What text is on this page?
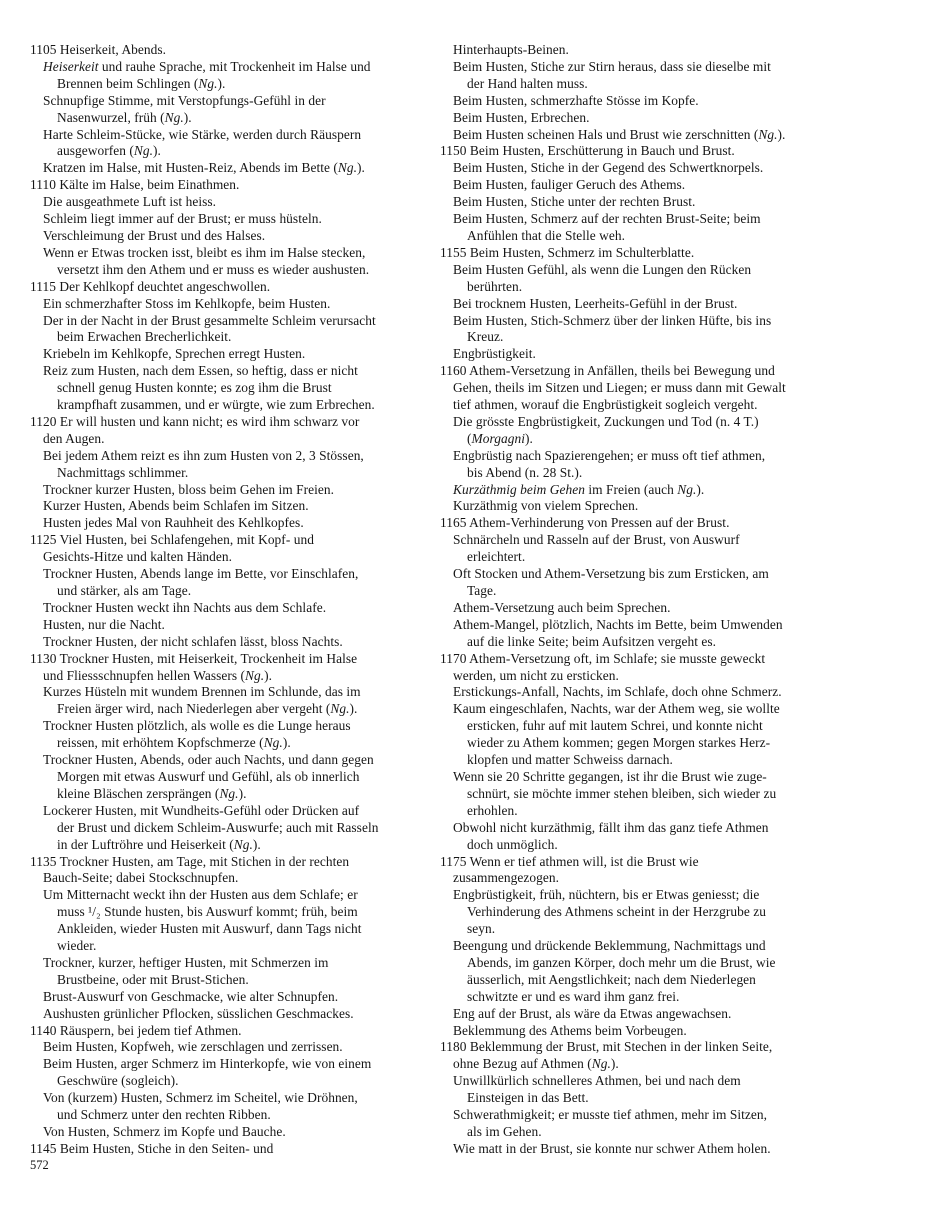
1105 Heiserkeit, Abends.

Heiserkeit und rauhe Sprache, mit Trockenheit im Halse und

Brennen beim Schlingen (Ng.).

Schnupfige Stimme, mit Verstopfungs-Gefühl in der

Nasenwurzel, früh (Ng.).

Harte Schleim-Stücke, wie Stärke, werden durch Räuspern

ausgeworfen (Ng.).

Kratzen im Halse, mit Husten-Reiz, Abends im Bette (Ng.).

1110 Kälte im Halse, beim Einathmen.

Die ausgeathmete Luft ist heiss.

Schleim liegt immer auf der Brust; er muss hüsteln.

Verschleimung der Brust und des Halses.

Wenn er Etwas trocken isst, bleibt es ihm im Halse stecken,

versetzt ihm den Athem und er muss es wieder aushusten.

1115 Der Kehlkopf deuchtet angeschwollen.

Ein schmerzhafter Stoss im Kehlkopfe, beim Husten.

Der in der Nacht in der Brust gesammelte Schleim verursacht

beim Erwachen Brecherlichkeit.

Kriebeln im Kehlkopfe, Sprechen erregt Husten.

Reiz zum Husten, nach dem Essen, so heftig, dass er nicht

schnell genug Husten konnte; es zog ihm die Brust

krampfhaft zusammen, und er würgte, wie zum Erbrechen.

1120 Er will husten und kann nicht; es wird ihm schwarz vor

den Augen.

Bei jedem Athem reizt es ihn zum Husten von 2, 3 Stössen,

Nachmittags schlimmer.

Trockner kurzer Husten, bloss beim Gehen im Freien.

Kurzer Husten, Abends beim Schlafen im Sitzen.

Husten jedes Mal von Rauhheit des Kehlkopfes.

1125 Viel Husten, bei Schlafengehen, mit Kopf- und

Gesichts-Hitze und kalten Händen.

Trockner Husten, Abends lange im Bette, vor Einschlafen,

und stärker, als am Tage.

Trockner Husten weckt ihn Nachts aus dem Schlafe.

Husten, nur die Nacht.

Trockner Husten, der nicht schlafen lässt, bloss Nachts.

1130 Trockner Husten, mit Heiserkeit, Trockenheit im Halse

und Fliessschnupfen hellen Wassers (Ng.).

Kurzes Hüsteln mit wundem Brennen im Schlunde, das im

Freien ärger wird, nach Niederlegen aber vergeht (Ng.).

Trockner Husten plötzlich, als wolle es die Lunge heraus

reissen, mit erhöhtem Kopfschmerze (Ng.).

Trockner Husten, Abends, oder auch Nachts, und dann gegen

Morgen mit etwas Auswurf und Gefühl, als ob innerlich

kleine Bläschen zersprängen (Ng.).

Lockerer Husten, mit Wundheits-Gefühl oder Drücken auf

der Brust und dickem Schleim-Auswurfe; auch mit Rasseln

in der Luftröhre und Heiserkeit (Ng.).

1135 Trockner Husten, am Tage, mit Stichen in der rechten

Bauch-Seite; dabei Stockschnupfen.

Um Mitternacht weckt ihn der Husten aus dem Schlafe; er

muss ¹/₂ Stunde husten, bis Auswurf kommt; früh, beim

Ankleiden, wieder Husten mit Auswurf, dann Tags nicht

wieder.

Trockner, kurzer, heftiger Husten, mit Schmerzen im

Brustbeine, oder mit Brust-Stichen.

Brust-Auswurf von Geschmacke, wie alter Schnupfen.

Aushusten grünlicher Pflocken, süsslichen Geschmackes.

1140 Räuspern, bei jedem tief Athmen.

Beim Husten, Kopfweh, wie zerschlagen und zerrissen.

Beim Husten, arger Schmerz im Hinterkopfe, wie von einem

Geschwüre (sogleich).

Von (kurzem) Husten, Schmerz im Scheitel, wie Dröhnen,

und Schmerz unter den rechten Ribben.

Von Husten, Schmerz im Kopfe und Bauche.

1145 Beim Husten, Stiche in den Seiten- und

Hinterhaupts-Beinen.

Beim Husten, Stiche zur Stirn heraus, dass sie dieselbe mit

der Hand halten muss.

Beim Husten, schmerzhafte Stösse im Kopfe.

Beim Husten, Erbrechen.

Beim Husten scheinen Hals und Brust wie zerschnitten (Ng.).

1150 Beim Husten, Erschütterung in Bauch und Brust.

Beim Husten, Stiche in der Gegend des Schwertknorpels.

Beim Husten, fauliger Geruch des Athems.

Beim Husten, Stiche unter der rechten Brust.

Beim Husten, Schmerz auf der rechten Brust-Seite; beim

Anfühlen that die Stelle weh.

1155 Beim Husten, Schmerz im Schulterblatte.

Beim Husten Gefühl, als wenn die Lungen den Rücken

berührten.

Bei trocknem Husten, Leerheits-Gefühl in der Brust.

Beim Husten, Stich-Schmerz über der linken Hüfte, bis ins

Kreuz.

Engbrüstigkeit.

1160 Athem-Versetzung in Anfällen, theils bei Bewegung und

Gehen, theils im Sitzen und Liegen; er muss dann mit Gewalt

tief athmen, worauf die Engbrüstigkeit sogleich vergeht.

Die grösste Engbrüstigkeit, Zuckungen und Tod (n. 4 T.)

(Morgagni).

Engbrüstig nach Spazierengehen; er muss oft tief athmen,

bis Abend (n. 28 St.).

Kurzäthmig beim Gehen im Freien (auch Ng.).

Kurzäthmig von vielem Sprechen.

1165 Athem-Verhinderung von Pressen auf der Brust.

Schnärcheln und Rasseln auf der Brust, von Auswurf

erleichtert.

Oft Stocken und Athem-Versetzung bis zum Ersticken, am

Tage.

Athem-Versetzung auch beim Sprechen.

Athem-Mangel, plötzlich, Nachts im Bette, beim Umwenden

auf die linke Seite; beim Aufsitzen vergeht es.

1170 Athem-Versetzung oft, im Schlafe; sie musste geweckt

werden, um nicht zu ersticken.

Erstickungs-Anfall, Nachts, im Schlafe, doch ohne Schmerz.

Kaum eingeschlafen, Nachts, war der Athem weg, sie wollte

ersticken, fuhr auf mit lautem Schrei, und konnte nicht

wieder zu Athem kommen; gegen Morgen starkes Herz-

klopfen und matter Schweiss darnach.

Wenn sie 20 Schritte gegangen, ist ihr die Brust wie zuge-

schnürt, sie möchte immer stehen bleiben, sich wieder zu

erhohlen.

Obwohl nicht kurzäthmig, fällt ihm das ganz tiefe Athmen

doch unmöglich.

1175 Wenn er tief athmen will, ist die Brust wie

zusammengezogen.

Engbrüstigkeit, früh, nüchtern, bis er Etwas geniesst; die

Verhinderung des Athmens scheint in der Herzgrube zu

seyn.

Beengung und drückende Beklemmung, Nachmittags und

Abends, im ganzen Körper, doch mehr um die Brust, wie

äusserlich, mit Aengstlichkeit; nach dem Niederlegen

schwitzte er und es ward ihm ganz frei.

Eng auf der Brust, als wäre da Etwas angewachsen.

Beklemmung des Athems beim Vorbeugen.

1180 Beklemmung der Brust, mit Stechen in der linken Seite,

ohne Bezug auf Athmen (Ng.).

Unwillkürlich schnelleres Athmen, bei und nach dem

Einsteigen in das Bett.

Schwerathmigkeit; er musste tief athmen, mehr im Sitzen,

als im Gehen.

Wie matt in der Brust, sie konnte nur schwer Athem holen.

572
